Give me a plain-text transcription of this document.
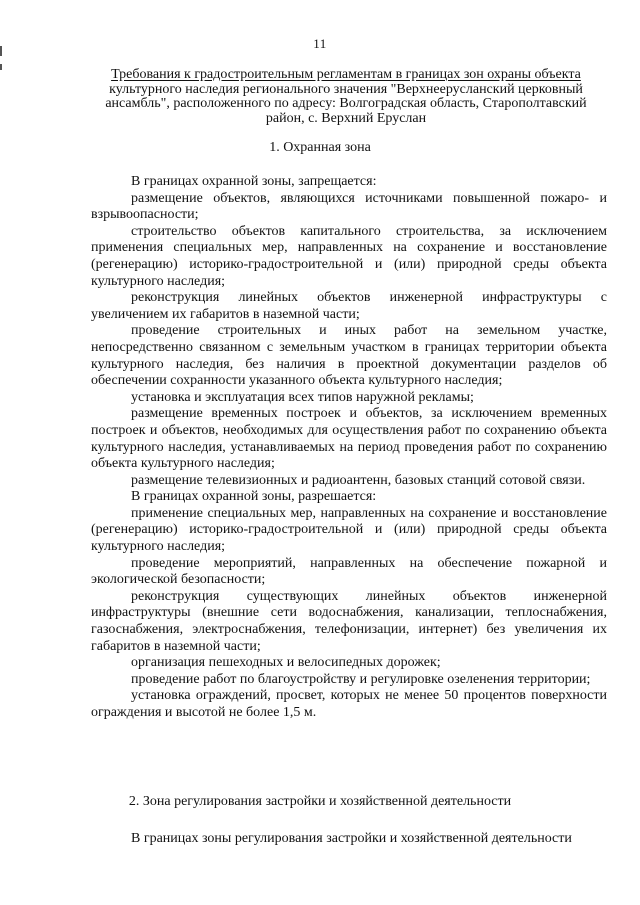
11
Требования к градостроительным регламентам в границах зон охраны объекта
культурного наследия регионального значения "Верхнеерусланский церковный
ансамбль", расположенного по адресу: Волгоградская область, Старополтавский
район, с. Верхний Еруслан
1. Охранная зона

В границах охранной зоны, запрещается:

размещение объектов, являющихся источниками повышенной пожаро- и взрывоопасности;

строительство объектов капитального строительства, за исключением применения специальных мер, направленных на сохранение и восстановление (регенерацию) историко-градостроительной и (или) природной среды объекта культурного наследия;

реконструкция линейных объектов инженерной инфраструктуры с увеличением их габаритов в наземной части;

проведение строительных и иных работ на земельном участке, непосредственно связанном с земельным участком в границах территории объекта культурного наследия, без наличия в проектной документации разделов об обеспечении сохранности указанного объекта культурного наследия;

установка и эксплуатация всех типов наружной рекламы;

размещение временных построек и объектов, за исключением временных построек и объектов, необходимых для осуществления работ по сохранению объекта культурного наследия, устанавливаемых на период проведения работ по сохранению объекта культурного наследия;

размещение телевизионных и радиоантенн, базовых станций сотовой связи.

В границах охранной зоны, разрешается:

применение специальных мер, направленных на сохранение и восстановление (регенерацию) историко-градостроительной и (или) природной среды объекта культурного наследия;

проведение мероприятий, направленных на обеспечение пожарной и экологической безопасности;

реконструкция существующих линейных объектов инженерной инфраструктуры (внешние сети водоснабжения, канализации, теплоснабжения, газоснабжения, электроснабжения, телефонизации, интернет) без увеличения их габаритов в наземной части;

организация пешеходных и велосипедных дорожек;

проведение работ по благоустройству и регулировке озеленения территории;

установка ограждений, просвет, которых не менее 50 процентов поверхности ограждения и высотой не более 1,5 м.

2. Зона регулирования застройки и хозяйственной деятельности
В границах зоны регулирования застройки и хозяйственной деятельности
